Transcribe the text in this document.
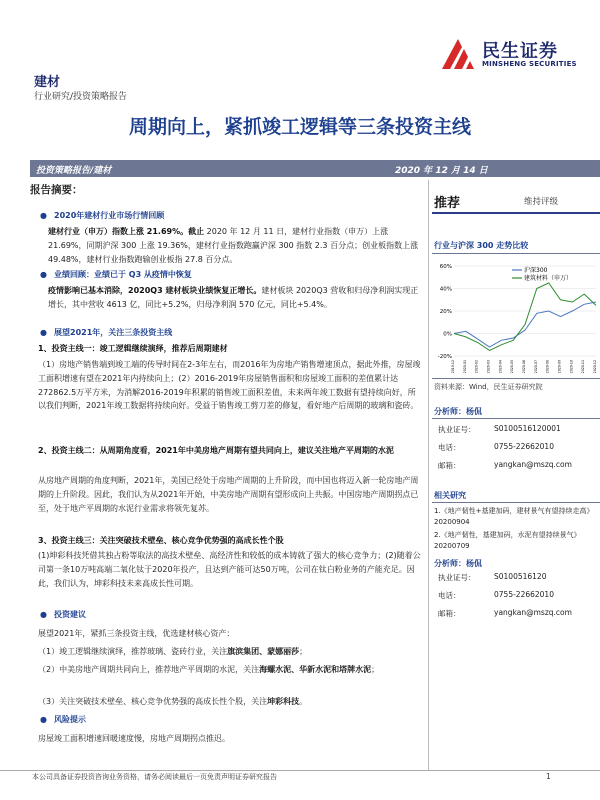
民生证券
MINSHENG SECURITIES
建材
行业研究/投资策略报告
周期向上，紧抓竣工逻辑等三条投资主线
投资策略报告/建材	2020 年 12 月 14 日
报告摘要：
● 2020年建材行业市场行情回顾
建材行业（申万）指数上涨 21.69%。截止 2020 年 12 月 11 日，建材行业指数（申万）上涨 21.69%，同期沪深 300 上涨 19.36%，建材行业指数跑赢沪深 300 指数 2.3 百分点；创业板指数上涨 49.48%，建材行业指数跑输创业板指 27.8 百分点。
● 业绩回顾：业绩已于 Q3 从疫情中恢复
疫情影响已基本消除，2020Q3 建材板块业绩恢复正增长。建材板块 2020Q3 营收和归母净利润实现正增长，其中营收 4613 亿，同比+5.2%，归母净利润 570 亿元，同比+5.4%。
● 展望2021年，关注三条投资主线
1、投资主线一：竣工逻辑继续演绎，推荐后周期建材
（1）房地产销售端到竣工端的传导时间在2-3年左右，而2016年为房地产销售增速顶点，据此外推，房屋竣工面积增速有望在2021年内持续向上；(2）2016-2019年房屋销售面积和房屋竣工面积的差值累计达272862.5万平方米，为消解2016-2019年积累的销售竣工面积差值，未来两年竣工数据有望持续向好，所以我们判断，2021年竣工数据将持续向好。受益于销售竣工剪刀差的修复，看好地产后周期的玻璃和瓷砖。
2、投资主线二：从周期角度看，2021年中美房地产周期有望共同向上，建议关注地产平周期的水泥
从房地产周期的角度判断，2021年，美国已经处于房地产周期的上升阶段，而中国也将迈入新一轮房地产周期的上升阶段。因此，我们认为从2021年开始，中美房地产周期有望形成向上共振。中国房地产周期拐点已至，处于地产平周期的水泥行业需求将领先复苏。
3、投资主线三：关注突破技术壁垒、核心竞争优势强的高成长性个股
(1)坤彩科技凭借其独占粉等取法的高技术壁垒、高经济性和较低的成本铸就了强大的核心竞争力；(2)随着公司第一条10万吨高端二氧化钛于2020年投产，且达到产能可达50万吨，公司在钛白粉业务的产能充足。因此，我们认为，坤彩科技未来高成长性可期。
● 投资建议
展望2021年，紧抓三条投资主线，优选建材核心资产：
（1）竣工逻辑继续演绎，推荐玻璃、瓷砖行业，关注旗滨集团、蒙娜丽莎；
（2）中美房地产周期共同向上，推荐地产平周期的水泥，关注海螺水泥、华新水泥和塔牌水泥；
（3）关注突破技术壁垒、核心竞争优势强的高成长性个股，关注坤彩科技。
● 风险提示
房屋竣工面积增速回暖速度慢，房地产周期拐点推迟。
推荐	维持评级
行业与沪深 300 走势比较
60%
40%
20%
0%
-20%
2019-12 2020-01 2020-02 2020-03 2020-04 2020-05 2020-06 2020-07 2020-08 2020-09 2020-10 2020-11 2020-12
沪深300
建筑材料（申万）
资料来源：Wind，民生证券研究院
分析师：杨侃
执业证号： S0100516120001
电话：	0755-22662010
邮箱：	yangkan@mszq.com
相关研究
1.《地产韧性+基建加码，建材景气有望持续走高》20200904
2.《地产韧性，基建加码，水泥有望持续景气》20200709
分析师：杨侃
执业证号： S0100516120
电话：	0755-22662010
邮箱：	yangkan@mszq.com
本公司具备证券投资咨询业务资格，请务必阅读最后一页免责声明证券研究报告	1
